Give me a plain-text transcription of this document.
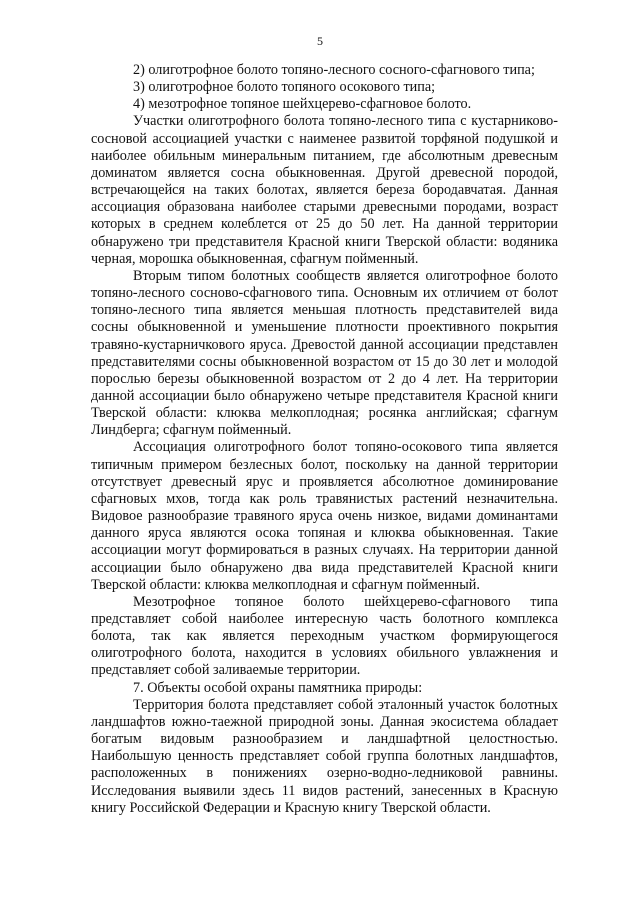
5

2) олиготрофное болото топяно-лесного сосного-сфагнового типа;

3) олиготрофное болото топяного осокового типа;

4) мезотрофное топяное шейхцерево-сфагновое болото.

Участки олиготрофного болота топяно-лесного типа с кустарниково-сосновой ассоциацией участки с наименее развитой торфяной подушкой и наиболее обильным минеральным питанием, где абсолютным древесным доминатом является сосна обыкновенная. Другой древесной породой, встречающейся на таких болотах, является береза бородавчатая. Данная ассоциация образована наиболее старыми древесными породами, возраст которых в среднем колеблется от 25 до 50 лет. На данной территории обнаружено три представителя Красной книги Тверской области: водяника черная, морошка обыкновенная, сфагнум пойменный.

Вторым типом болотных сообществ является олиготрофное болото топяно-лесного сосново-сфагнового типа. Основным их отличием от болот топяно-лесного типа является меньшая плотность представителей вида сосны обыкновенной и уменьшение плотности проективного покрытия травяно-кустарничкового яруса. Древостой данной ассоциации представлен представителями сосны обыкновенной возрастом от 15 до 30 лет и молодой порослью березы обыкновенной возрастом от 2 до 4 лет. На территории данной ассоциации было обнаружено четыре представителя Красной книги Тверской области: клюква мелкоплодная; росянка английская; сфагнум Линдберга; сфагнум пойменный.

Ассоциация олиготрофного болот топяно-осокового типа является типичным примером безлесных болот, поскольку на данной территории отсутствует древесный ярус и проявляется абсолютное доминирование сфагновых мхов, тогда как роль травянистых растений незначительна. Видовое разнообразие травяного яруса очень низкое, видами доминантами данного яруса являются осока топяная и клюква обыкновенная. Такие ассоциации могут формироваться в разных случаях. На территории данной ассоциации было обнаружено два вида представителей Красной книги Тверской области: клюква мелкоплодная и сфагнум пойменный.

Мезотрофное топяное болото шейхцерево-сфагнового типа представляет собой наиболее интересную часть болотного комплекса болота, так как является переходным участком формирующегося олиготрофного болота, находится в условиях обильного увлажнения и представляет собой заливаемые территории.

7. Объекты особой охраны памятника природы:

Территория болота представляет собой эталонный участок болотных ландшафтов южно-таежной природной зоны. Данная экосистема обладает богатым видовым разнообразием и ландшафтной целостностью. Наибольшую ценность представляет собой группа болотных ландшафтов, расположенных в понижениях озерно-водно-ледниковой равнины. Исследования выявили здесь 11 видов растений, занесенных в Красную книгу Российской Федерации и Красную книгу Тверской области.
